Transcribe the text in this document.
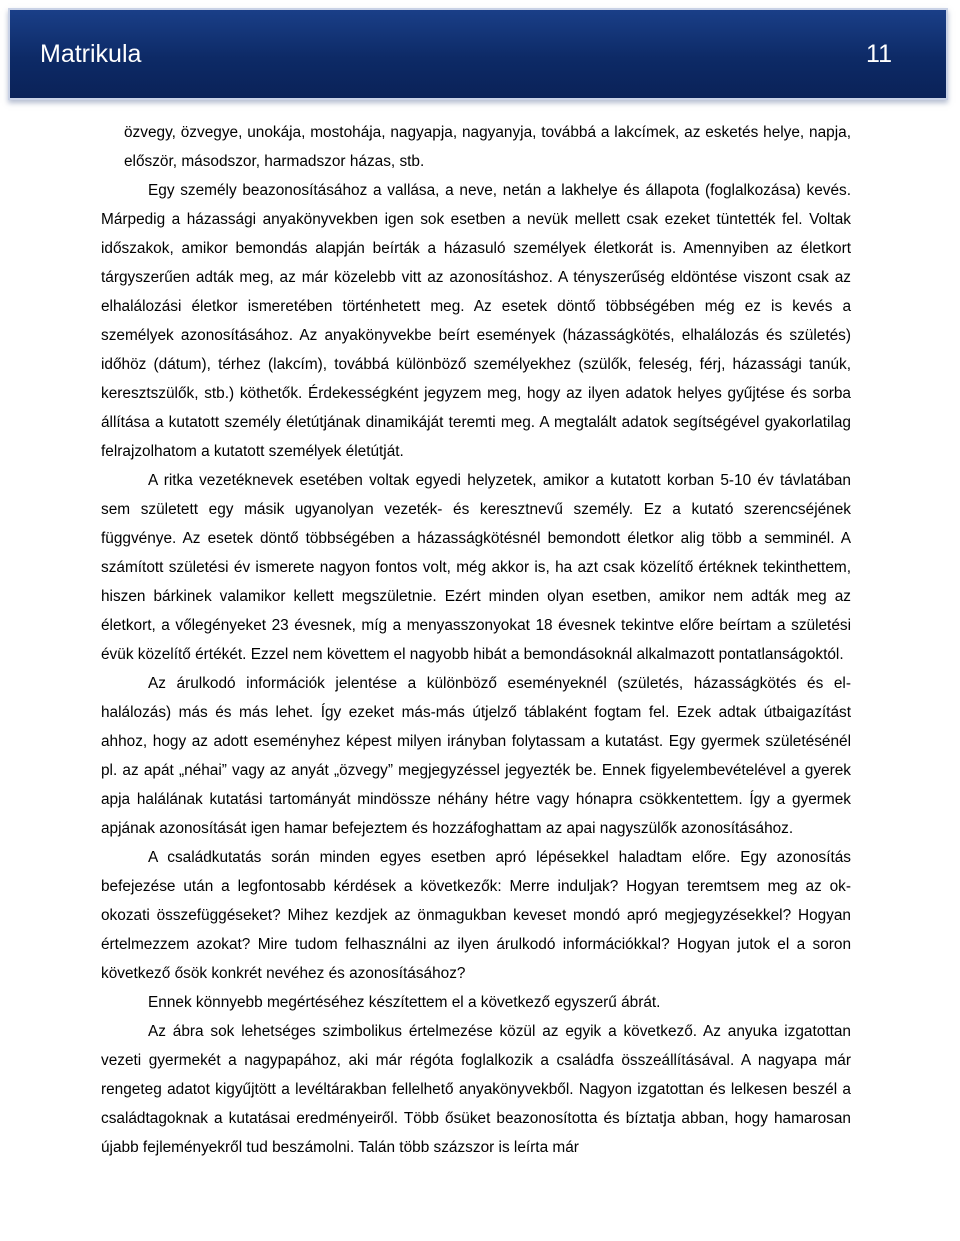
Matrikula	11

özvegy, özvegye, unokája, mostohája, nagyapja, nagyanyja, továbbá a lakcímek, az esketés helye, napja, először, másodszor, harmadszor házas, stb.

Egy személy beazonosításához a vallása, a neve, netán a lakhelye és állapota (foglalkozása) kevés. Márpedig a házassági anyakönyvekben igen sok esetben a nevük mellett csak ezeket tüntették fel. Voltak időszakok, amikor bemondás alapján beírták a házasuló személyek életkorát is. Amennyiben az életkort tárgyszerűen adták meg, az már közelebb vitt az azonosításhoz. A tényszerűség eldöntése viszont csak az elhalálozási életkor ismeretében történhetett meg. Az esetek döntő többségében még ez is kevés a személyek azonosításához. Az anyakönyvekbe beírt események (házasságkötés, elhalálozás és születés) időhöz (dátum), térhez (lakcím), továbbá különböző személyekhez (szülők, feleség, férj, házassági tanúk, keresztszülők, stb.) köthetők. Érdekességként jegyzem meg, hogy az ilyen adatok helyes gyűjtése és sorba állítása a kutatott személy életútjának dinamikáját teremti meg. A megtalált adatok segítségével gyakorlatilag felrajzolhatom a kutatott személyek életútját.

A ritka vezetéknevek esetében voltak egyedi helyzetek, amikor a kutatott korban 5-10 év távlatában sem született egy másik ugyanolyan vezeték- és keresztnevű személy. Ez a kutató szerencséjének függvénye. Az esetek döntő többségében a házasságkötésnél bemondott életkor alig több a semminél. A számított születési év ismerete nagyon fontos volt, még akkor is, ha azt csak közelítő értéknek tekinthettem, hiszen bárkinek valamikor kellett megszületnie. Ezért minden olyan esetben, amikor nem adták meg az életkort, a vőlegényeket 23 évesnek, míg a menyasszonyokat 18 évesnek tekintve előre beírtam a születési évük közelítő értékét. Ezzel nem követtem el nagyobb hibát a bemondásoknál alkalmazott pontatlanságoktól.

Az árulkodó információk jelentése a különböző eseményeknél (születés, házasságkötés és elhalálozás) más és más lehet. Így ezeket más-más útjelző táblaként fogtam fel. Ezek adtak útbaigazítást ahhoz, hogy az adott eseményhez képest milyen irányban folytassam a kutatást. Egy gyermek születésénél pl. az apát „néhai” vagy az anyát „özvegy” megjegyzéssel jegyezték be. Ennek figyelembevételével a gyerek apja halálának kutatási tartományát mindössze néhány hétre vagy hónapra csökkentettem. Így a gyermek apjának azonosítását igen hamar befejeztem és hozzáfoghattam az apai nagyszülők azonosításához.

A családkutatás során minden egyes esetben apró lépésekkel haladtam előre. Egy azonosítás befejezése után a legfontosabb kérdések a következők: Merre induljak? Hogyan teremtsem meg az ok-okozati összefüggéseket? Mihez kezdjek az önmagukban keveset mondó apró megjegyzésekkel? Hogyan értelmezzem azokat? Mire tudom felhasználni az ilyen árulkodó információkkal? Hogyan jutok el a soron következő ősök konkrét nevéhez és azonosításához?

Ennek könnyebb megértéséhez készítettem el a következő egyszerű ábrát.

Az ábra sok lehetséges szimbolikus értelmezése közül az egyik a következő. Az anyuka izgatottan vezeti gyermekét a nagypapához, aki már régóta foglalkozik a családfa összeállításával. A nagyapa már rengeteg adatot kigyűjtött a levéltárakban fellelhető anyakönyvekből. Nagyon izgatottan és lelkesen beszél a családtagoknak a kutatásai eredményeiről. Több ősüket beazonosította és bíztatja abban, hogy hamarosan újabb fejleményekről tud beszámolni. Talán több százszor is leírta már
